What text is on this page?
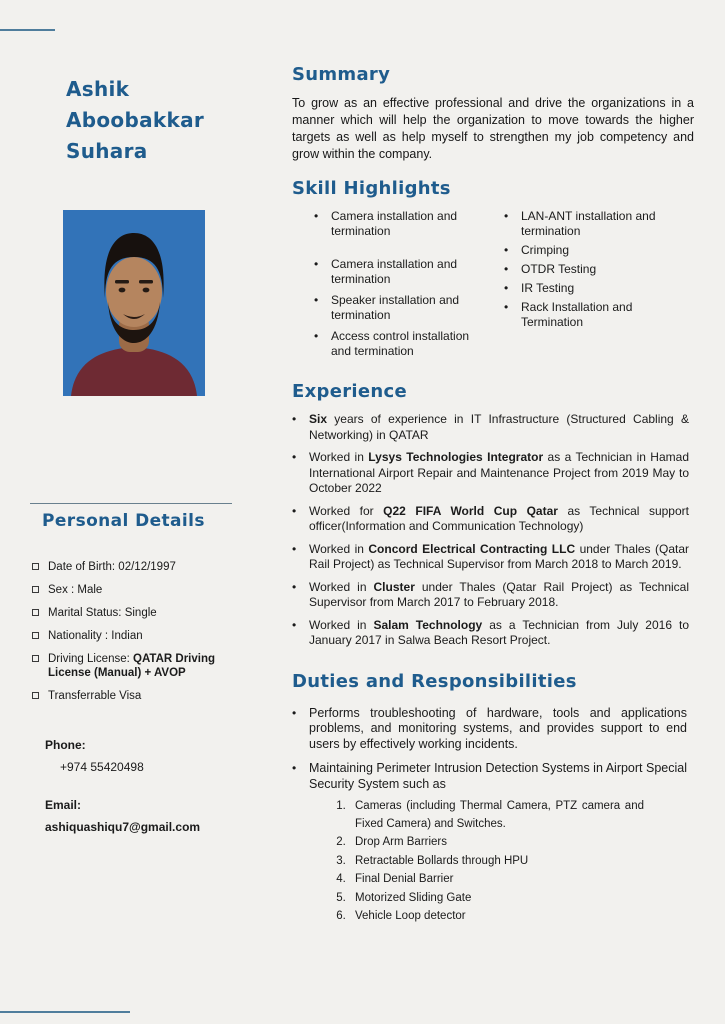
Ashik
Aboobakkar
Suhara
Personal Details
Date of Birth: 02/12/1997
Sex : Male
Marital Status: Single
Nationality : Indian
Driving License: QATAR Driving License (Manual) + AVOP
Transferrable Visa
Phone:
+974 55420498
Email:
ashiquashiqu7@gmail.com
Summary

To grow as an effective professional and drive the organizations in a manner which will help the organization to move towards the higher targets as well as help myself to strengthen my job competency and grow within the company.

Skill Highlights
•
Camera installation and termination
•
Camera installation and termination
•
Speaker installation and termination
•
Access control installation and termination
•
LAN-ANT installation and termination
•
Crimping
•
OTDR Testing
•
IR Testing
•
Rack Installation and Termination
Experience
•
Six years of experience in IT Infrastructure (Structured Cabling & Networking) in QATAR
•
Worked in Lysys Technologies Integrator as a Technician in Hamad International Airport Repair and Maintenance Project from 2019 May to October 2022
•
Worked for Q22 FIFA World Cup Qatar as Technical support officer(Information and Communication Technology)
•
Worked in Concord Electrical Contracting LLC under Thales (Qatar Rail Project) as Technical Supervisor from March 2018 to March 2019.
•
Worked in Cluster under Thales (Qatar Rail Project) as Technical Supervisor from March 2017 to February 2018.
•
Worked in Salam Technology as a Technician from July 2016 to January 2017 in Salwa Beach Resort Project.
Duties and Responsibilities
•
Performs troubleshooting of hardware, tools and applications problems, and monitoring systems, and provides support to end users by effectively working incidents.
•
Maintaining Perimeter Intrusion Detection Systems in Airport Special Security System such as
1. Cameras (including Thermal Camera, PTZ camera and Fixed Camera) and Switches.
2. Drop Arm Barriers
3. Retractable Bollards through HPU
4. Final Denial Barrier
5. Motorized Sliding Gate
6. Vehicle Loop detector
